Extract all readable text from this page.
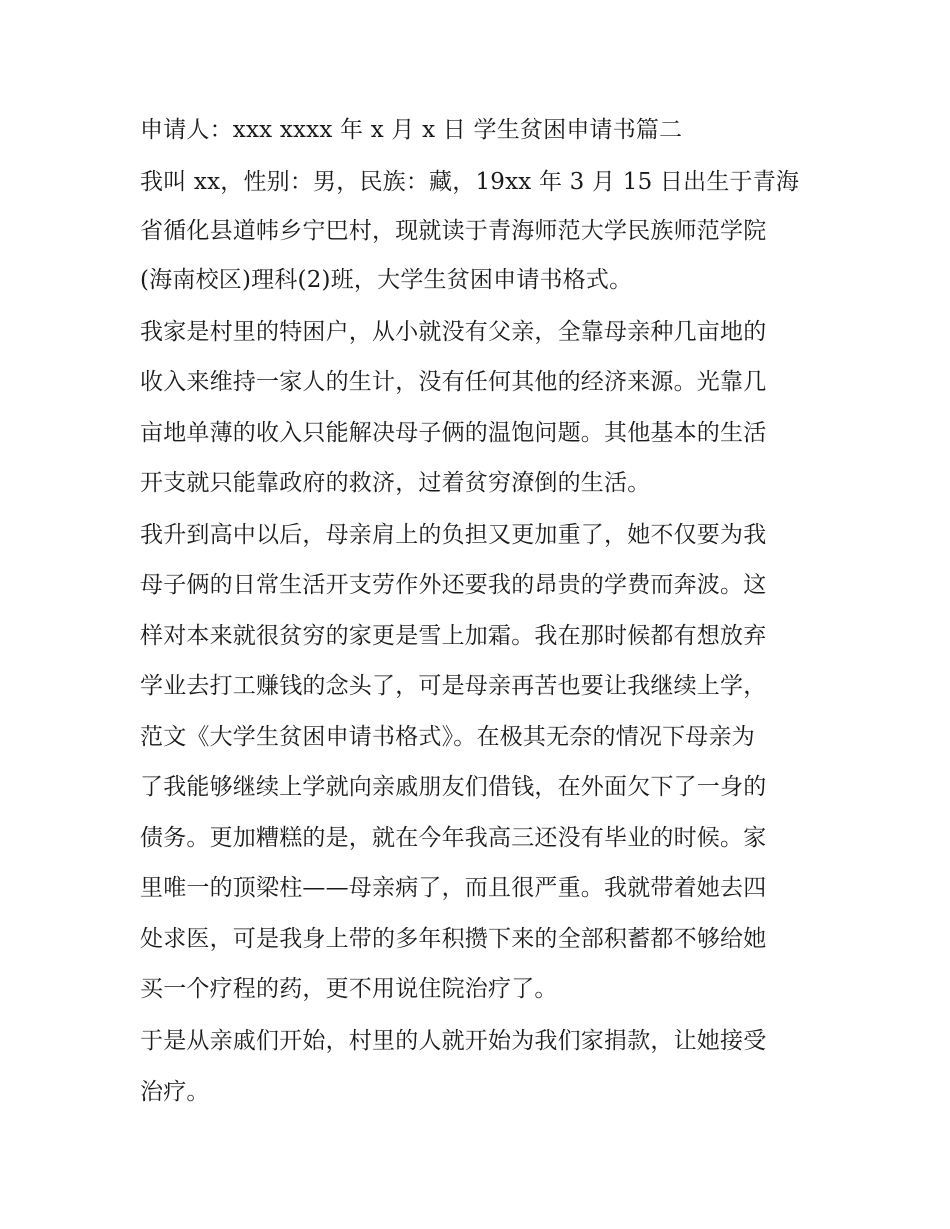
申请人：xxx xxxx 年 x 月 x 日 学生贫困申请书篇二
我叫 xx，性别：男，民族：藏，19xx 年 3 月 15 日出生于青海
省循化县道帏乡宁巴村，现就读于青海师范大学民族师范学院
(海南校区)理科(2)班，大学生贫困申请书格式。
我家是村里的特困户，从小就没有父亲，全靠母亲种几亩地的
收入来维持一家人的生计，没有任何其他的经济来源。光靠几
亩地单薄的收入只能解决母子俩的温饱问题。其他基本的生活
开支就只能靠政府的救济，过着贫穷潦倒的生活。
我升到高中以后，母亲肩上的负担又更加重了，她不仅要为我
母子俩的日常生活开支劳作外还要我的昂贵的学费而奔波。这
样对本来就很贫穷的家更是雪上加霜。我在那时候都有想放弃
学业去打工赚钱的念头了，可是母亲再苦也要让我继续上学，
范文《大学生贫困申请书格式》。在极其无奈的情况下母亲为
了我能够继续上学就向亲戚朋友们借钱，在外面欠下了一身的
债务。更加糟糕的是，就在今年我高三还没有毕业的时候。家
里唯一的顶梁柱——母亲病了，而且很严重。我就带着她去四
处求医，可是我身上带的多年积攒下来的全部积蓄都不够给她
买一个疗程的药，更不用说住院治疗了。
于是从亲戚们开始，村里的人就开始为我们家捐款，让她接受
治疗。
